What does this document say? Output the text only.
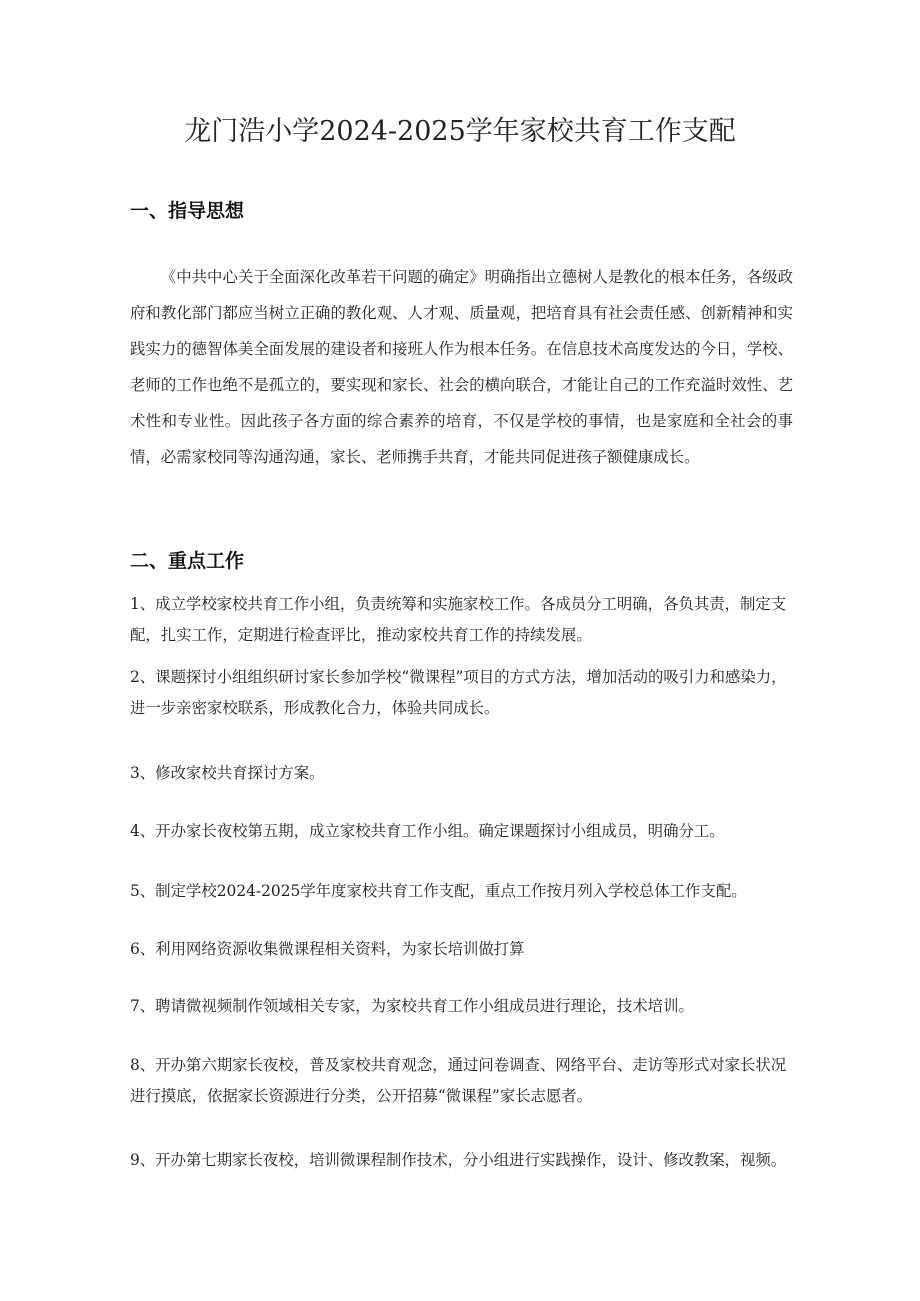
龙门浩小学2024-2025学年家校共育工作支配
一、指导思想
《中共中心关于全面深化改革若干问题的确定》明确指出立德树人是教化的根本任务，各级政府和教化部门都应当树立正确的教化观、人才观、质量观，把培育具有社会责任感、创新精神和实践实力的德智体美全面发展的建设者和接班人作为根本任务。在信息技术高度发达的今日，学校、老师的工作也绝不是孤立的，要实现和家长、社会的横向联合，才能让自己的工作充溢时效性、艺术性和专业性。因此孩子各方面的综合素养的培育，不仅是学校的事情，也是家庭和全社会的事情，必需家校同等沟通沟通，家长、老师携手共育，才能共同促进孩子额健康成长。
二、重点工作
1、成立学校家校共育工作小组，负责统筹和实施家校工作。各成员分工明确，各负其责，制定支配，扎实工作，定期进行检查评比，推动家校共育工作的持续发展。
2、课题探讨小组组织研讨家长参加学校“微课程”项目的方式方法，增加活动的吸引力和感染力，进一步亲密家校联系，形成教化合力，体验共同成长。
3、修改家校共育探讨方案。
4、开办家长夜校第五期，成立家校共育工作小组。确定课题探讨小组成员，明确分工。
5、制定学校2024-2025学年度家校共育工作支配，重点工作按月列入学校总体工作支配。
6、利用网络资源收集微课程相关资料，为家长培训做打算
7、聘请微视频制作领域相关专家，为家校共育工作小组成员进行理论，技术培训。
8、开办第六期家长夜校，普及家校共育观念，通过问卷调查、网络平台、走访等形式对家长状况进行摸底，依据家长资源进行分类，公开招募“微课程”家长志愿者。
9、开办第七期家长夜校，培训微课程制作技术，分小组进行实践操作，设计、修改教案，视频。
